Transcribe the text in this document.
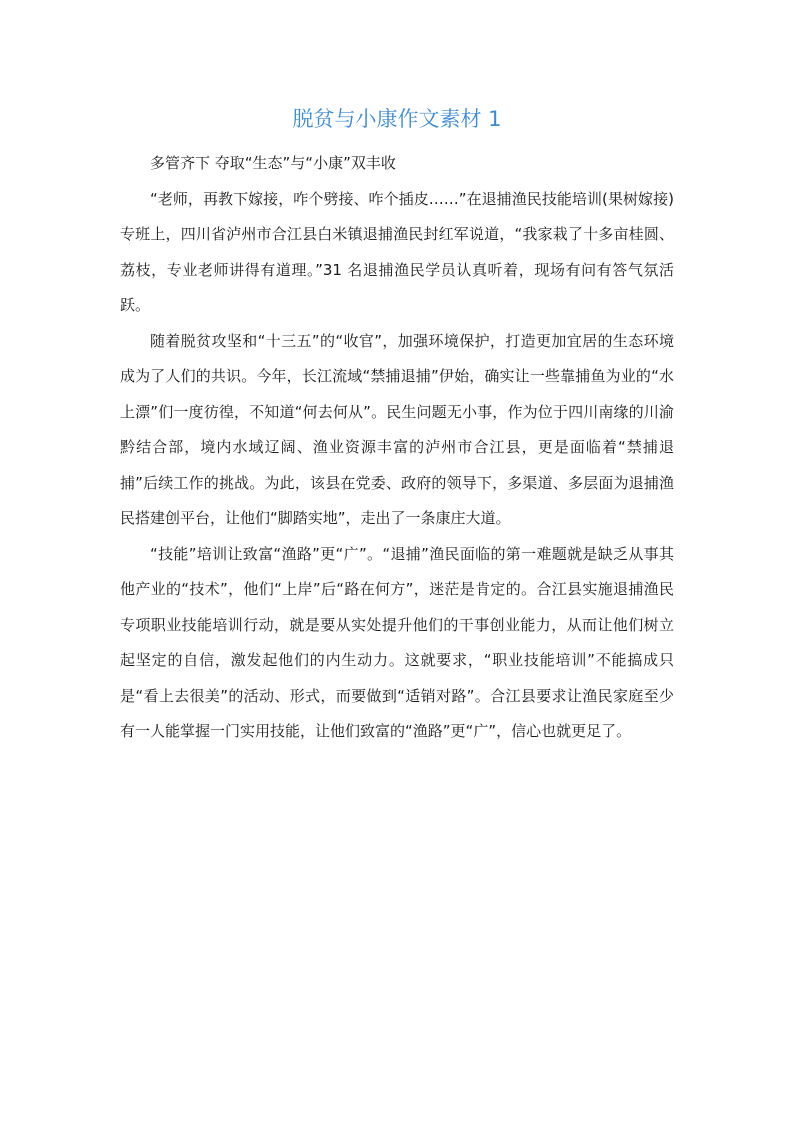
脱贫与小康作文素材 1

多管齐下 夺取“生态”与“小康”双丰收

“老师，再教下嫁接，咋个劈接、咋个插皮……”在退捕渔民技能培训(果树嫁接)专班上，四川省泸州市合江县白米镇退捕渔民封红军说道，“我家栽了十多亩桂圆、荔枝，专业老师讲得有道理。”31 名退捕渔民学员认真听着，现场有问有答气氛活跃。

随着脱贫攻坚和“十三五”的“收官”，加强环境保护，打造更加宜居的生态环境成为了人们的共识。今年，长江流域“禁捕退捕”伊始，确实让一些靠捕鱼为业的“水上漂”们一度彷徨，不知道“何去何从”。民生问题无小事，作为位于四川南缘的川渝黔结合部，境内水域辽阔、渔业资源丰富的泸州市合江县，更是面临着“禁捕退捕”后续工作的挑战。为此，该县在党委、政府的领导下，多渠道、多层面为退捕渔民搭建创平台，让他们“脚踏实地”，走出了一条康庄大道。

“技能”培训让致富“渔路”更“广”。“退捕”渔民面临的第一难题就是缺乏从事其他产业的“技术”，他们“上岸”后“路在何方”，迷茫是肯定的。合江县实施退捕渔民专项职业技能培训行动，就是要从实处提升他们的干事创业能力，从而让他们树立起坚定的自信，激发起他们的内生动力。这就要求，“职业技能培训”不能搞成只是“看上去很美”的活动、形式，而要做到“适销对路”。合江县要求让渔民家庭至少有一人能掌握一门实用技能，让他们致富的“渔路”更“广”，信心也就更足了。
